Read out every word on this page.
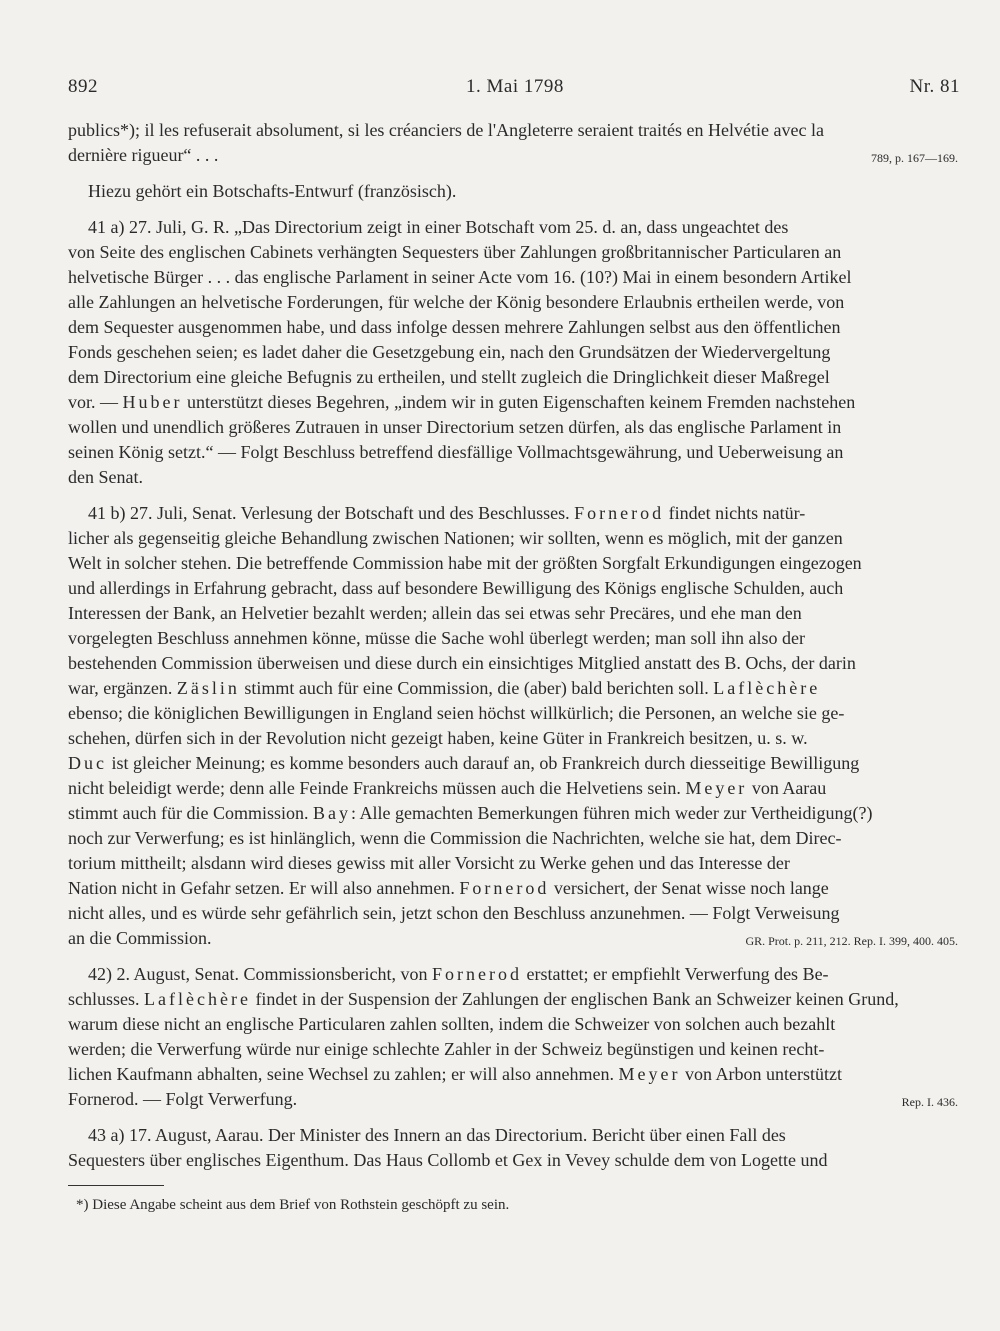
892	1. Mai 1798	Nr. 81
publics*); il les refuserait absolument, si les créanciers de l'Angleterre seraient traités en Helvétie avec la
dernière rigueur“ . . .	789, p. 167—169.
Hiezu gehört ein Botschafts-Entwurf (französisch).
41 a) 27. Juli, G. R. „Das Directorium zeigt in einer Botschaft vom 25. d. an, dass ungeachtet des
von Seite des englischen Cabinets verhängten Sequesters über Zahlungen großbritannischer Particularen an
helvetische Bürger . . . das englische Parlament in seiner Acte vom 16. (10?) Mai in einem besondern Artikel
alle Zahlungen an helvetische Forderungen, für welche der König besondere Erlaubnis ertheilen werde, von
dem Sequester ausgenommen habe, und dass infolge dessen mehrere Zahlungen selbst aus den öffentlichen
Fonds geschehen seien; es ladet daher die Gesetzgebung ein, nach den Grundsätzen der Wiedervergeltung
dem Directorium eine gleiche Befugnis zu ertheilen, und stellt zugleich die Dringlichkeit dieser Maßregel
vor. — Huber unterstützt dieses Begehren, „indem wir in guten Eigenschaften keinem Fremden nachstehen
wollen und unendlich größeres Zutrauen in unser Directorium setzen dürfen, als das englische Parlament in
seinen König setzt.“ — Folgt Beschluss betreffend diesfällige Vollmachtsgewährung, und Ueberweisung an
den Senat.
41 b) 27. Juli, Senat. Verlesung der Botschaft und des Beschlusses. Fornerod findet nichts natür-
licher als gegenseitig gleiche Behandlung zwischen Nationen; wir sollten, wenn es möglich, mit der ganzen
Welt in solcher stehen. Die betreffende Commission habe mit der größten Sorgfalt Erkundigungen eingezogen
und allerdings in Erfahrung gebracht, dass auf besondere Bewilligung des Königs englische Schulden, auch
Interessen der Bank, an Helvetier bezahlt werden; allein das sei etwas sehr Precäres, und ehe man den
vorgelegten Beschluss annehmen könne, müsse die Sache wohl überlegt werden; man soll ihn also der
bestehenden Commission überweisen und diese durch ein einsichtiges Mitglied anstatt des B. Ochs, der darin
war, ergänzen. Zäslin stimmt auch für eine Commission, die (aber) bald berichten soll. Laflèchère
ebenso; die königlichen Bewilligungen in England seien höchst willkürlich; die Personen, an welche sie ge-
schehen, dürfen sich in der Revolution nicht gezeigt haben, keine Güter in Frankreich besitzen, u. s. w.
Duc ist gleicher Meinung; es komme besonders auch darauf an, ob Frankreich durch diesseitige Bewilligung
nicht beleidigt werde; denn alle Feinde Frankreichs müssen auch die Helvetiens sein. Meyer von Aarau
stimmt auch für die Commission. Bay: Alle gemachten Bemerkungen führen mich weder zur Vertheidigung(?)
noch zur Verwerfung; es ist hinlänglich, wenn die Commission die Nachrichten, welche sie hat, dem Direc-
torium mittheilt; alsdann wird dieses gewiss mit aller Vorsicht zu Werke gehen und das Interesse der
Nation nicht in Gefahr setzen. Er will also annehmen. Fornerod versichert, der Senat wisse noch lange
nicht alles, und es würde sehr gefährlich sein, jetzt schon den Beschluss anzunehmen. — Folgt Verweisung
an die Commission.	GR. Prot. p. 211, 212. Rep. I. 399, 400. 405.
42) 2. August, Senat. Commissionsbericht, von Fornerod erstattet; er empfiehlt Verwerfung des Be-
schlusses. Laflèchère findet in der Suspension der Zahlungen der englischen Bank an Schweizer keinen Grund,
warum diese nicht an englische Particularen zahlen sollten, indem die Schweizer von solchen auch bezahlt
werden; die Verwerfung würde nur einige schlechte Zahler in der Schweiz begünstigen und keinen recht-
lichen Kaufmann abhalten, seine Wechsel zu zahlen; er will also annehmen. Meyer von Arbon unterstützt
Fornerod. — Folgt Verwerfung.	Rep. I. 436.
43 a) 17. August, Aarau. Der Minister des Innern an das Directorium. Bericht über einen Fall des
Sequesters über englisches Eigenthum. Das Haus Collomb et Gex in Vevey schulde dem von Logette und
*) Diese Angabe scheint aus dem Brief von Rothstein geschöpft zu sein.
